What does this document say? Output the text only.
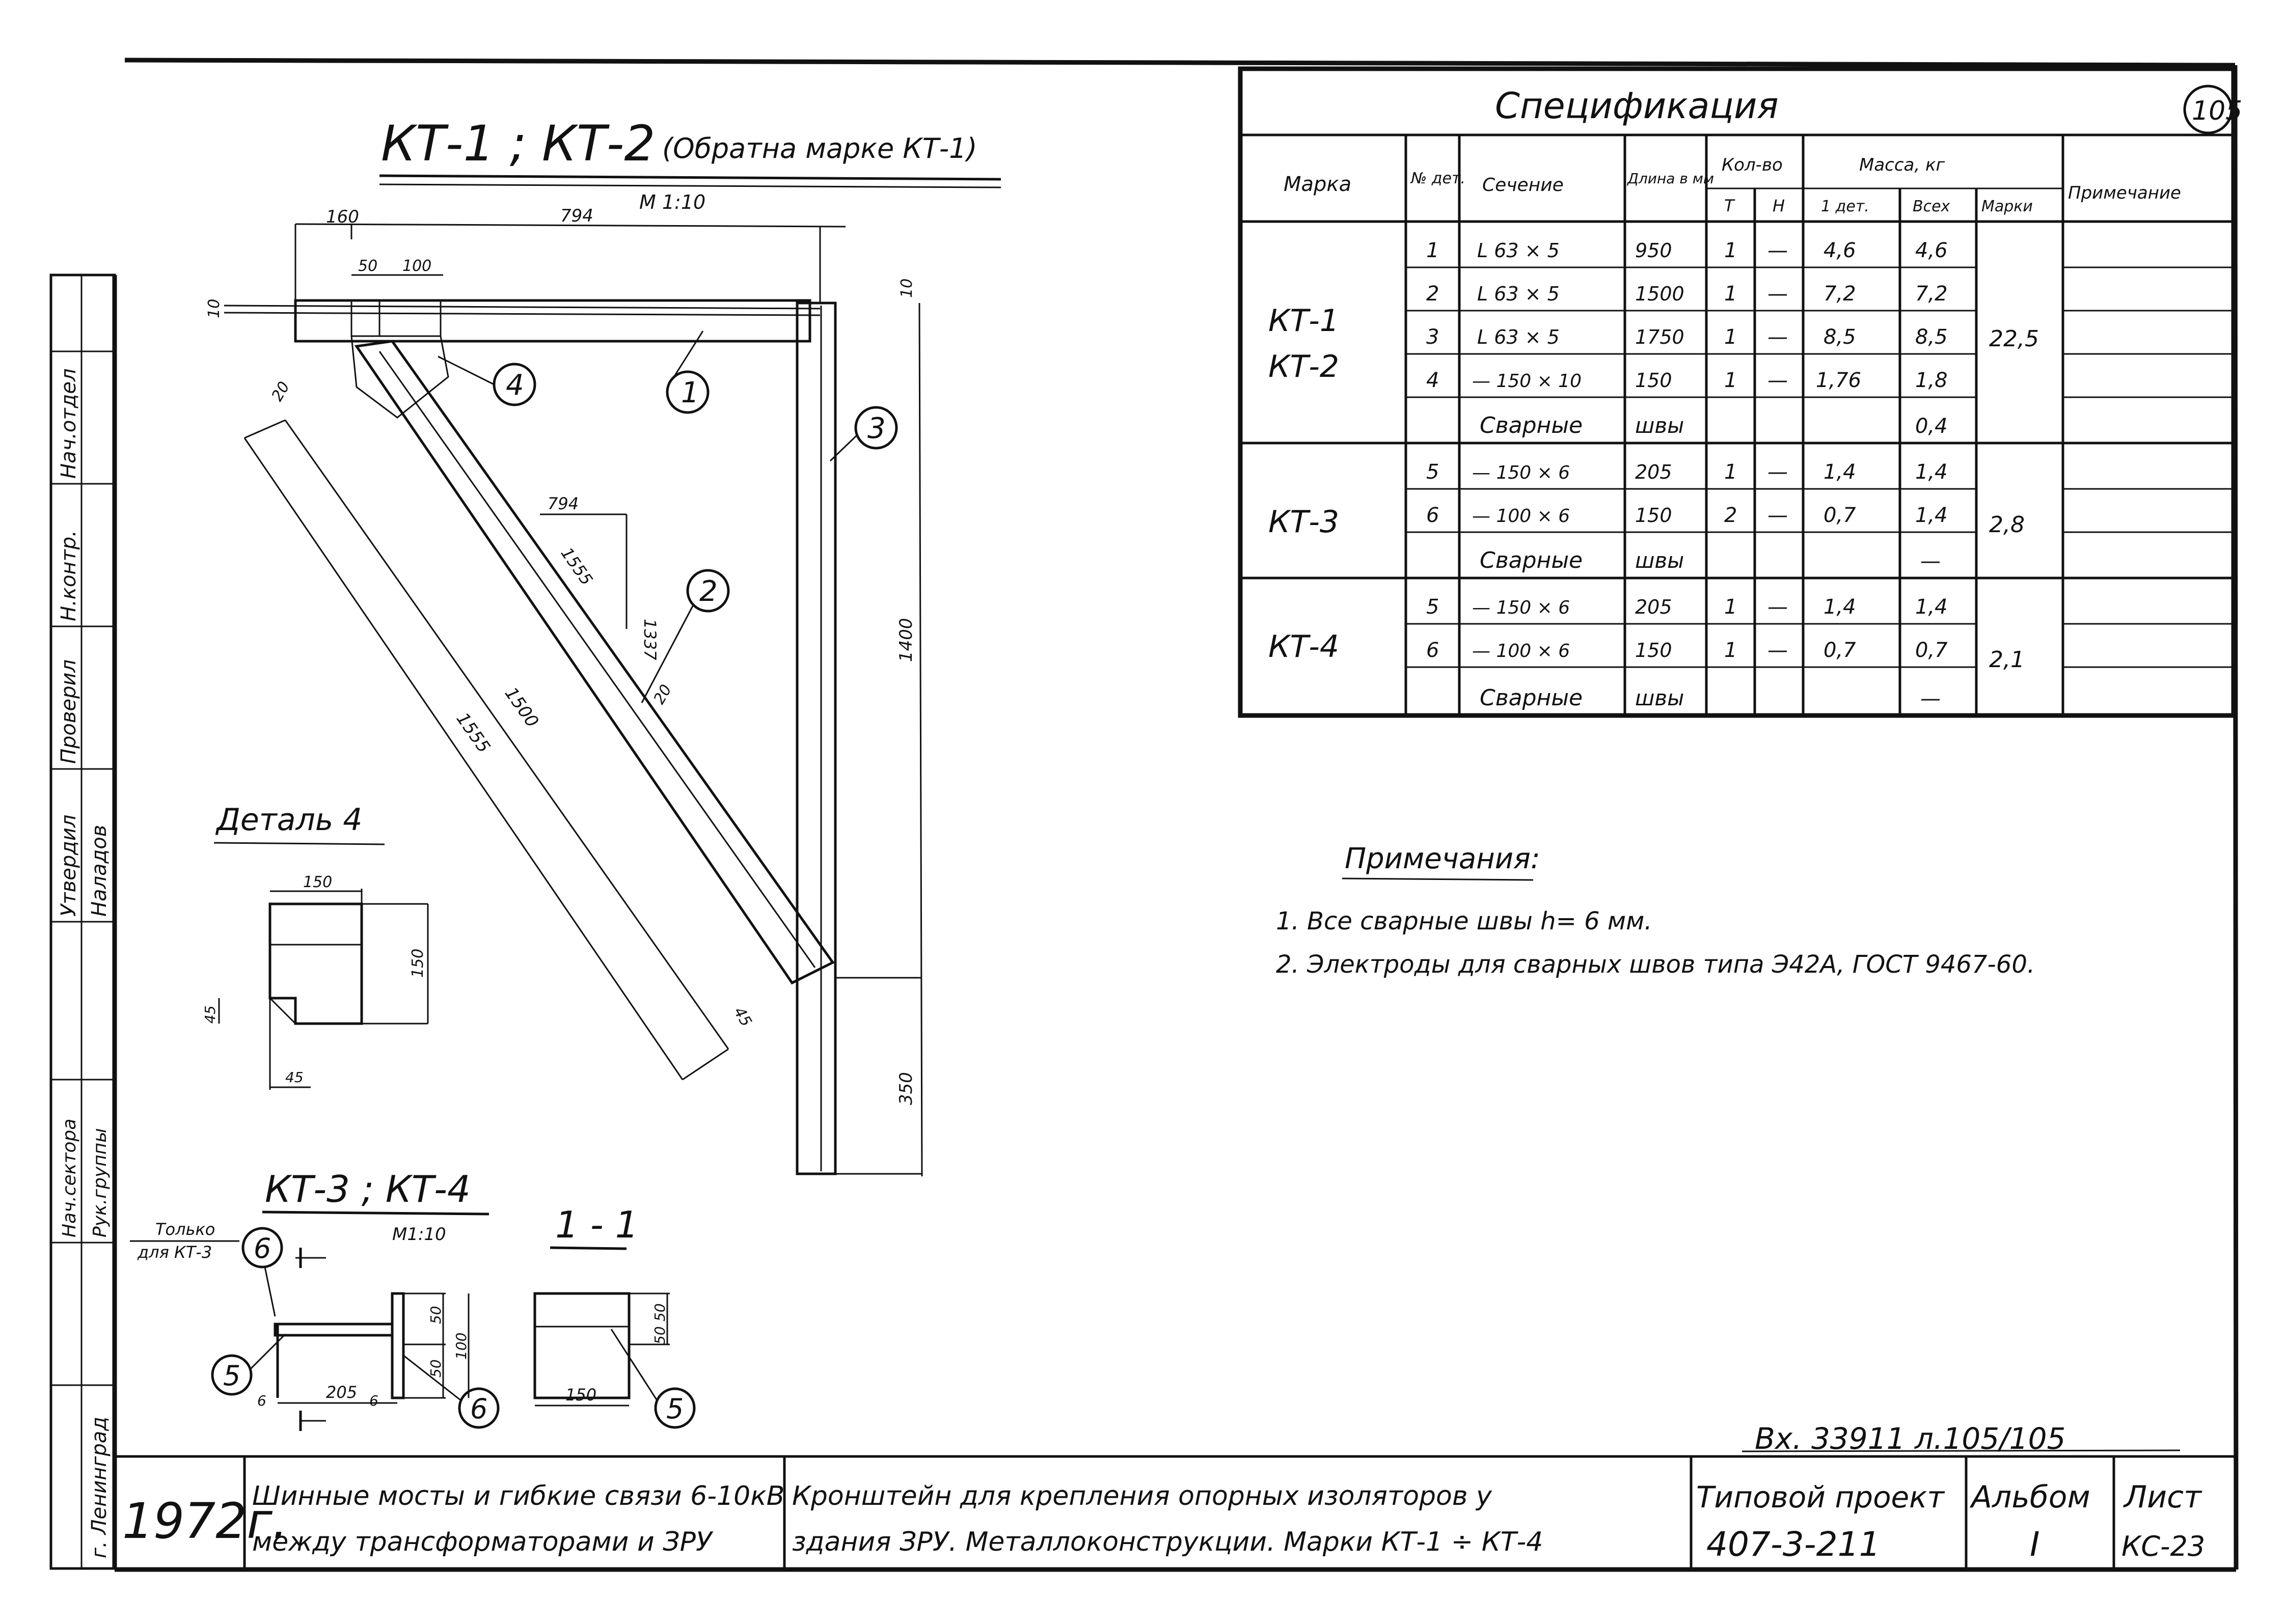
Нач.отдел
Н.контр.
Проверил
Утвердил Наладов
Нач.сектора Рук.группы
г. Ленинград
КТ-1 ; КТ-2 (Обратна марке КТ-1)
М 1:10
160	794
50 100
10
10
20
794
1555
1337
20
1500
1555
45
1400
350
1
2
3
4
Деталь 4
150
150
45
45
КТ-3 ; КТ-4
М1:10
Только
для КТ-3 6
50
50
100
205
6	6
5
6
1 - 1
50
50
150	5
Спецификация	105
Марка	№ дет. Сечение	Длина в мм
Кол-во
Т Н
Масса, кг
1 дет.	Всех Марки
Примечание
КТ-1
КТ-2
22,5
1 L 63 × 5	950	1 — 4,6	4,6
2 L 63 × 5	1500 1 — 7,2	7,2
3 L 63 × 5	1750 1 — 8,5	8,5
4 — 150 × 10	150	1 — 1,76	1,8
Сварные швы	0,4
КТ-3	2,8
5 — 150 × 6	205	1 — 1,4	1,4
6 — 100 × 6	150	2 — 0,7	1,4
Сварные швы	—
КТ-4	2,1
5 — 150 × 6	205	1 — 1,4	1,4
6 — 100 × 6	150	1 — 0,7	0,7
Сварные швы	—
Примечания:
1. Все сварные швы h= 6 мм.
2. Электроды для сварных швов типа Э42А, ГОСТ 9467-60.
Вх. 33911 л.105/105
1972г.
Шинные мосты и гибкие связи 6-10кВ
между трансформаторами и ЗРУ
Кронштейн для крепления опорных изоляторов у
здания ЗРУ. Металлоконструкции. Марки КТ-1 ÷ КТ-4
Типовой проект
407-3-211
Альбом
I
Лист
КС-23
